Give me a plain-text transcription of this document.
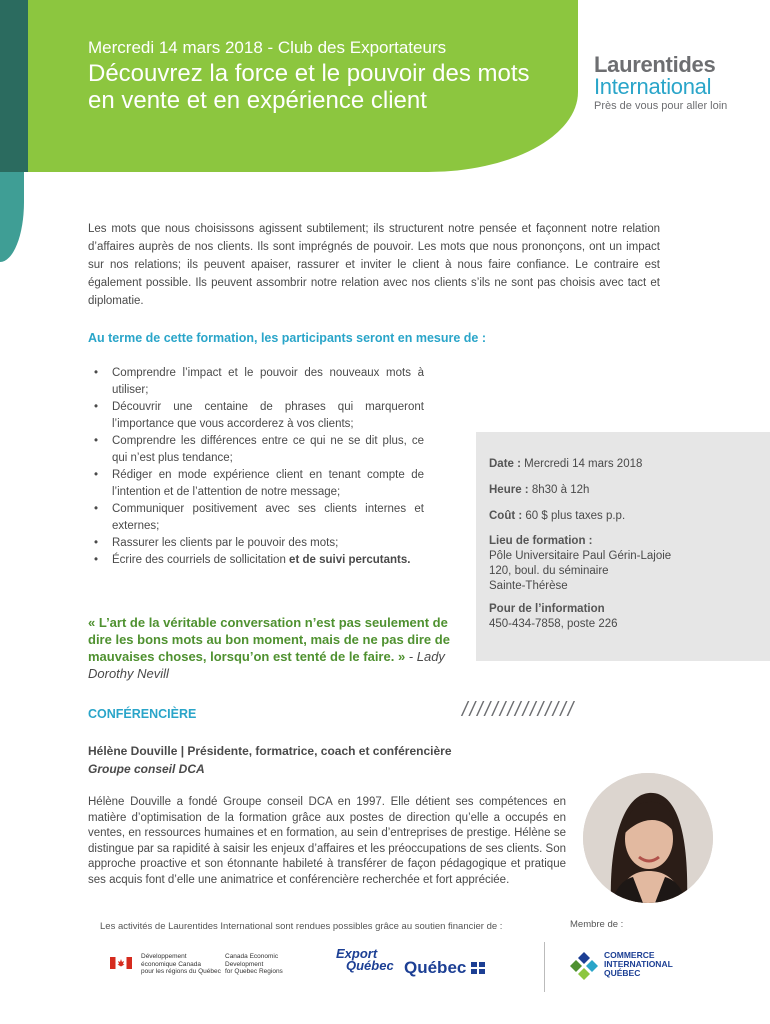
Mercredi 14 mars 2018 - Club des Exportateurs
Découvrez la force et le pouvoir des mots en vente et en expérience client
Laurentides
International
Près de vous pour aller loin
Les mots que nous choisissons agissent subtilement; ils structurent notre pensée et façonnent notre relation d’affaires auprès de nos clients. Ils sont imprégnés de pouvoir. Les mots que nous prononçons, ont un impact sur nos relations; ils peuvent apaiser, rassurer et inviter le client à nous faire confiance. Le contraire est également possible. Ils peuvent assombrir notre relation avec nos clients s’ils ne sont pas choisis avec tact et diplomatie.
Au terme de cette formation, les participants seront en mesure de :
• Comprendre l’impact et le pouvoir des nouveaux mots à utiliser;
• Découvrir une centaine de phrases qui marqueront l’importance que vous accorderez à vos clients;
• Comprendre les différences entre ce qui ne se dit plus, ce qui n’est plus tendance;
• Rédiger en mode expérience client en tenant compte de l’intention et de l’attention de notre message;
• Communiquer positivement avec ses clients internes et externes;
• Rassurer les clients par le pouvoir des mots;
• Écrire des courriels de sollicitation et de suivi percutants.
Date : Mercredi 14 mars 2018
Heure : 8h30 à 12h
Coût : 60 $ plus taxes p.p.
Lieu de formation :
Pôle Universitaire Paul Gérin-Lajoie
120, boul. du séminaire
Sainte-Thérèse
Pour de l’information
450-434-7858, poste 226
« L’art de la véritable conversation n’est pas seulement de dire les bons mots au bon moment, mais de ne pas dire de mauvaises choses, lorsqu’on est tenté de le faire. » - Lady Dorothy Nevill
CONFÉRENCIÈRE	///////////////
Hélène Douville | Présidente, formatrice, coach et conférencière
Groupe conseil DCA
Hélène Douville a fondé Groupe conseil DCA en 1997. Elle détient ses compétences en matière d’optimisation de la formation grâce aux postes de direction qu’elle a occupés en ventes, en ressources humaines et en formation, au sein d’entreprises de prestige. Hélène se distingue par sa rapidité à saisir les enjeux d’affaires et les préoccupations de ses clients. Son approche proactive et son étonnante habileté à transférer de façon pédagogique et pratique ses acquis font d’elle une animatrice et conférencière recherchée et fort appréciée.
Les activités de Laurentides International sont rendues possibles grâce au soutien financier de :	Membre de :
Développement
économique Canada
pour les régions du Québec
Canada Economic
Development
for Quebec Regions
Export
Québec Québec
COMMERCE
INTERNATIONAL
QUÉBEC
